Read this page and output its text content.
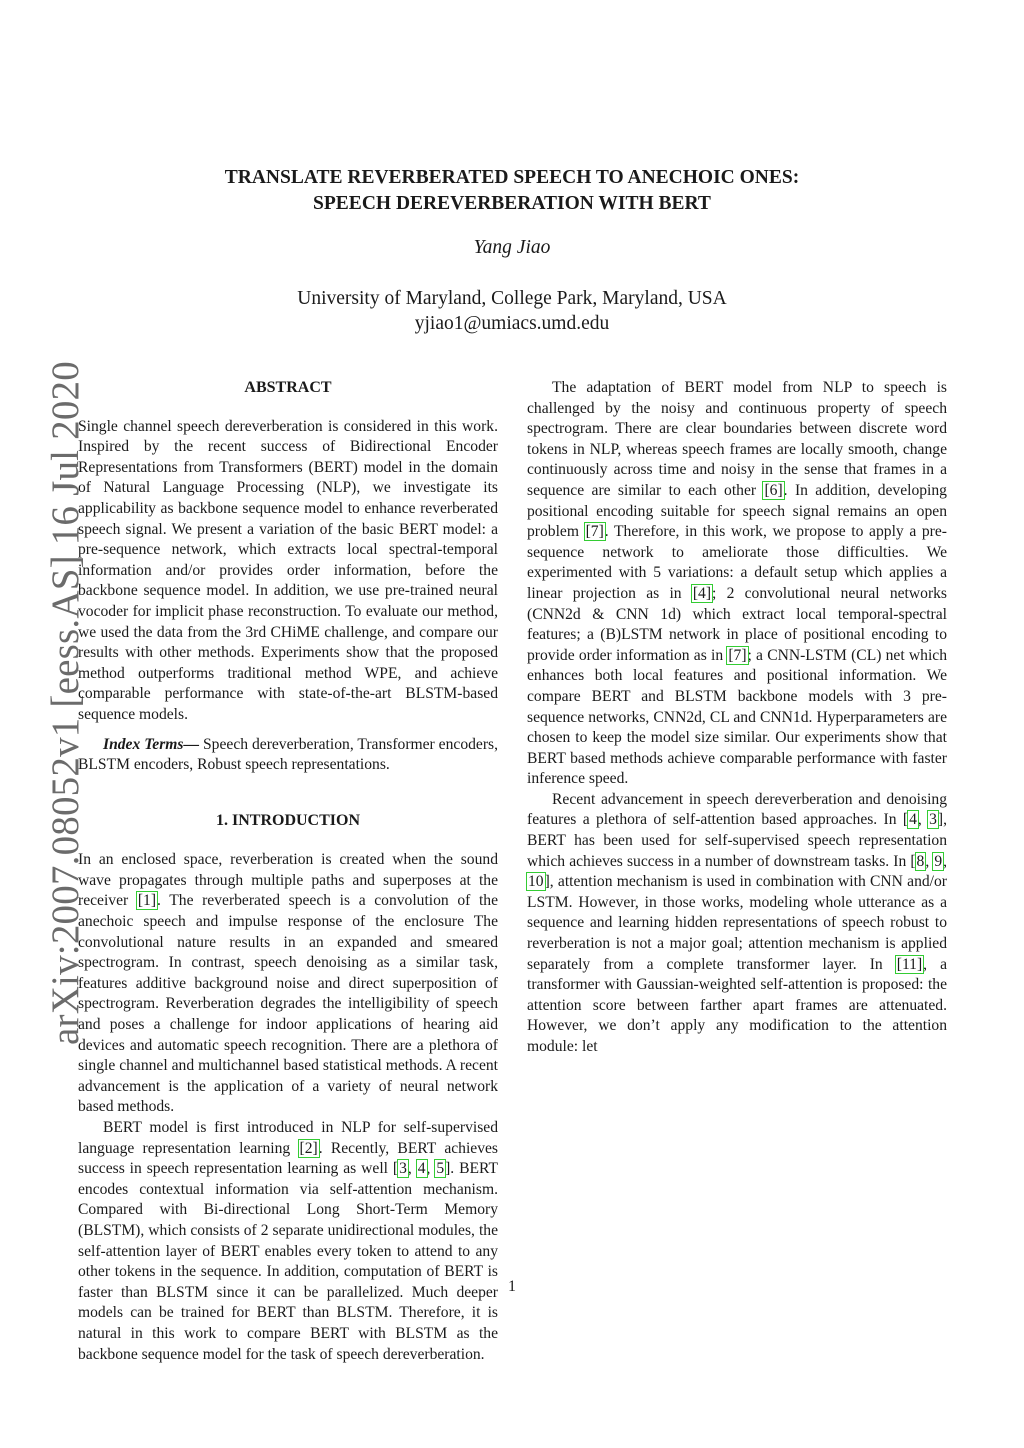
arXiv:2007.08052v1 [eess.AS] 16 Jul 2020
TRANSLATE REVERBERATED SPEECH TO ANECHOIC ONES:
SPEECH DEREVERBERATION WITH BERT

Yang Jiao

University of Maryland, College Park, Maryland, USA
yjiao1@umiacs.umd.edu
ABSTRACT

Single channel speech dereverberation is considered in this work. Inspired by the recent success of Bidirectional Encoder Representations from Transformers (BERT) model in the domain of Natural Language Processing (NLP), we investigate its applicability as backbone sequence model to enhance reverberated speech signal. We present a variation of the basic BERT model: a pre-sequence network, which extracts local spectral-temporal information and/or provides order information, before the backbone sequence model. In addition, we use pre-trained neural vocoder for implicit phase reconstruction. To evaluate our method, we used the data from the 3rd CHiME challenge, and compare our results with other methods. Experiments show that the proposed method outperforms traditional method WPE, and achieve comparable performance with state-of-the-art BLSTM-based sequence models.

Index Terms— Speech dereverberation, Transformer encoders, BLSTM encoders, Robust speech representations.

1. INTRODUCTION

In an enclosed space, reverberation is created when the sound wave propagates through multiple paths and superposes at the receiver [1]. The reverberated speech is a convolution of the anechoic speech and impulse response of the enclosure The convolutional nature results in an expanded and smeared spectrogram. In contrast, speech denoising as a similar task, features additive background noise and direct superposition of spectrogram. Reverberation degrades the intelligibility of speech and poses a challenge for indoor applications of hearing aid devices and automatic speech recognition. There are a plethora of single channel and multichannel based statistical methods. A recent advancement is the application of a variety of neural network based methods.

BERT model is first introduced in NLP for self-supervised language representation learning [2]. Recently, BERT achieves success in speech representation learning as well [3, 4, 5]. BERT encodes contextual information via self-attention mechanism. Compared with Bi-directional Long Short-Term Memory (BLSTM), which consists of 2 separate unidirectional modules, the self-attention layer of BERT enables every token to attend to any other tokens in the sequence. In addition, computation of BERT is faster than BLSTM since it can be parallelized. Much deeper models can be trained for BERT than BLSTM. Therefore, it is natural in this work to compare BERT with BLSTM as the backbone sequence model for the task of speech dereverberation.

The adaptation of BERT model from NLP to speech is challenged by the noisy and continuous property of speech spectrogram. There are clear boundaries between discrete word tokens in NLP, whereas speech frames are locally smooth, change continuously across time and noisy in the sense that frames in a sequence are similar to each other [6]. In addition, developing positional encoding suitable for speech signal remains an open problem [7]. Therefore, in this work, we propose to apply a pre-sequence network to ameliorate those difficulties. We experimented with 5 variations: a default setup which applies a linear projection as in [4]; 2 convolutional neural networks (CNN2d & CNN 1d) which extract local temporal-spectral features; a (B)LSTM network in place of positional encoding to provide order information as in [7]; a CNN-LSTM (CL) net which enhances both local features and positional information. We compare BERT and BLSTM backbone models with 3 pre-sequence networks, CNN2d, CL and CNN1d. Hyperparameters are chosen to keep the model size similar. Our experiments show that BERT based methods achieve comparable performance with faster inference speed.

Recent advancement in speech dereverberation and denoising features a plethora of self-attention based approaches. In [4, 3], BERT has been used for self-supervised speech representation which achieves success in a number of downstream tasks. In [8, 9, 10], attention mechanism is used in combination with CNN and/or LSTM. However, in those works, modeling whole utterance as a sequence and learning hidden representations of speech robust to reverberation is not a major goal; attention mechanism is applied separately from a complete transformer layer. In [11], a transformer with Gaussian-weighted self-attention is proposed: the attention score between farther apart frames are attenuated. However, we don’t apply any modification to the attention module: let

1
